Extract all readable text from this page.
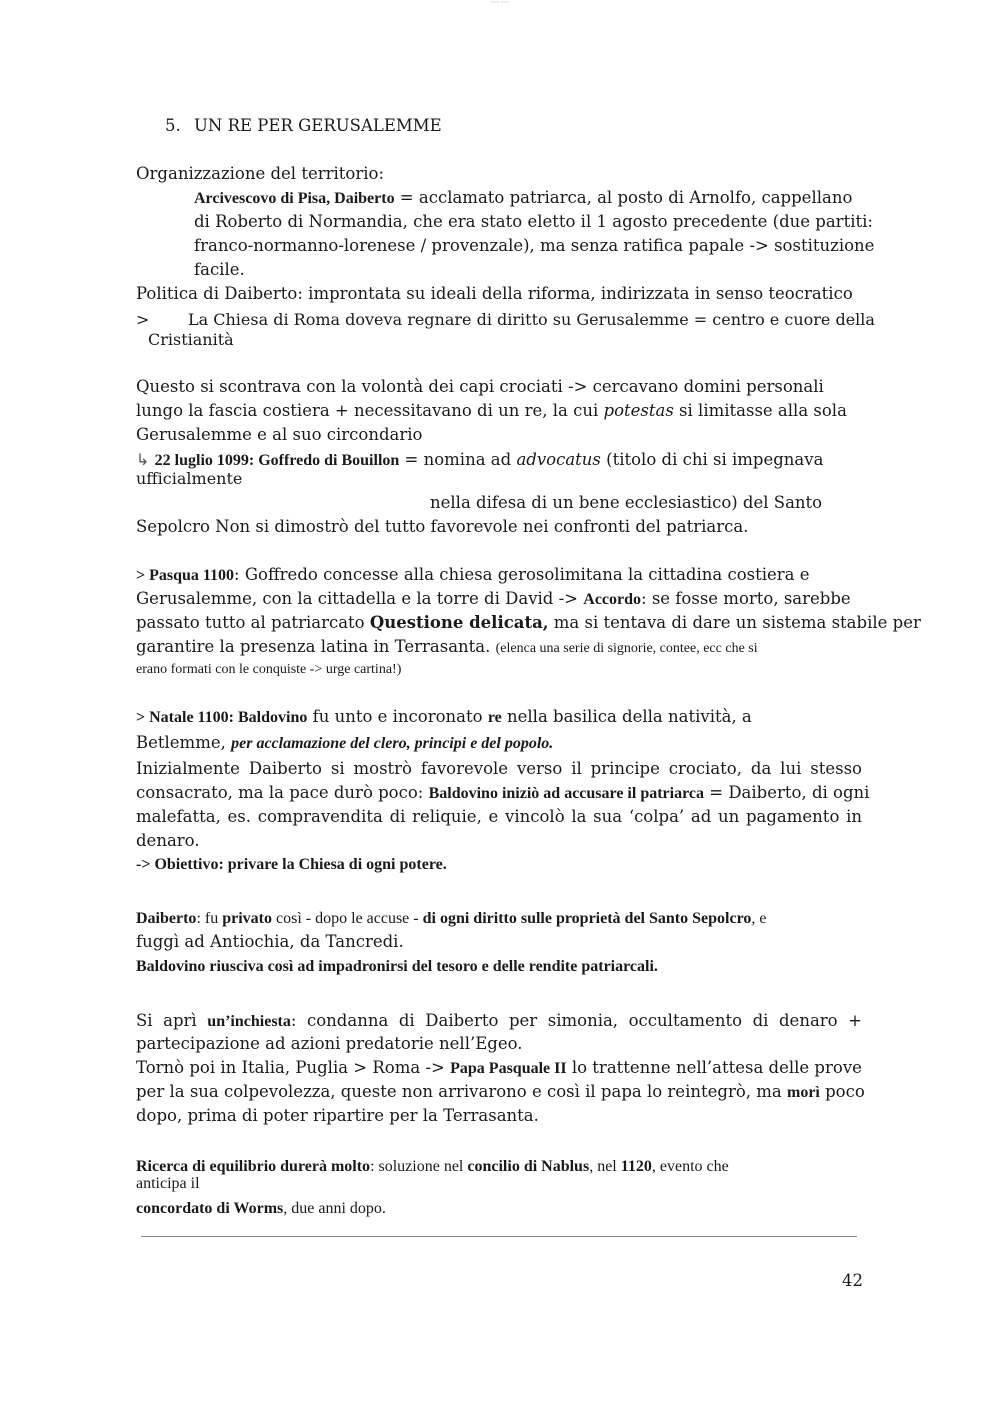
~~~ ~~~
5. UN RE PER GERUSALEMME
Organizzazione del territorio:
Arcivescovo di Pisa, Daiberto = acclamato patriarca, al posto di Arnolfo, cappellano
di Roberto di Normandia, che era stato eletto il 1 agosto precedente (due partiti:
franco-normanno-lorenese / provenzale), ma senza ratifica papale -> sostituzione
facile.
Politica di Daiberto: improntata su ideali della riforma, indirizzata in senso teocratico
> La Chiesa di Roma doveva regnare di diritto su Gerusalemme = centro e cuore della
Cristianità
Questo si scontrava con la volontà dei capi crociati -> cercavano domini personali
lungo la fascia costiera + necessitavano di un re, la cui potestas si limitasse alla sola
Gerusalemme e al suo circondario
↳ 22 luglio 1099: Goffredo di Bouillon = nomina ad advocatus (titolo di chi si impegnava
ufficialmente
nella difesa di un bene ecclesiastico) del Santo
Sepolcro Non si dimostrò del tutto favorevole nei confronti del patriarca.
> Pasqua 1100: Goffredo concesse alla chiesa gerosolimitana la cittadina costiera e
Gerusalemme, con la cittadella e la torre di David -> Accordo: se fosse morto, sarebbe
passato tutto al patriarcato Questione delicata, ma si tentava di dare un sistema stabile per
garantire la presenza latina in Terrasanta. (elenca una serie di signorie, contee, ecc che si
erano formati con le conquiste -> urge cartina!)
> Natale 1100: Baldovino fu unto e incoronato re nella basilica della natività, a
Betlemme, per acclamazione del clero, principi e del popolo.
Inizialmente Daiberto si mostrò favorevole verso il principe crociato, da lui stesso
consacrato, ma la pace durò poco: Baldovino iniziò ad accusare il patriarca = Daiberto, di ogni
malefatta, es. compravendita di reliquie, e vincolò la sua ‘colpa’ ad un pagamento in
denaro.
-> Obiettivo: privare la Chiesa di ogni potere.
Daiberto: fu privato così - dopo le accuse - di ogni diritto sulle proprietà del Santo Sepolcro, e
fuggì ad Antiochia, da Tancredi.
Baldovino riusciva così ad impadronirsi del tesoro e delle rendite patriarcali.
Si aprì un’inchiesta: condanna di Daiberto per simonia, occultamento di denaro +
partecipazione ad azioni predatorie nell’Egeo.
Tornò poi in Italia, Puglia > Roma -> Papa Pasquale II lo trattenne nell’attesa delle prove
per la sua colpevolezza, queste non arrivarono e così il papa lo reintegrò, ma morì poco
dopo, prima di poter ripartire per la Terrasanta.
Ricerca di equilibrio durerà molto: soluzione nel concilio di Nablus, nel 1120, evento che
anticipa il
concordato di Worms, due anni dopo.
42
